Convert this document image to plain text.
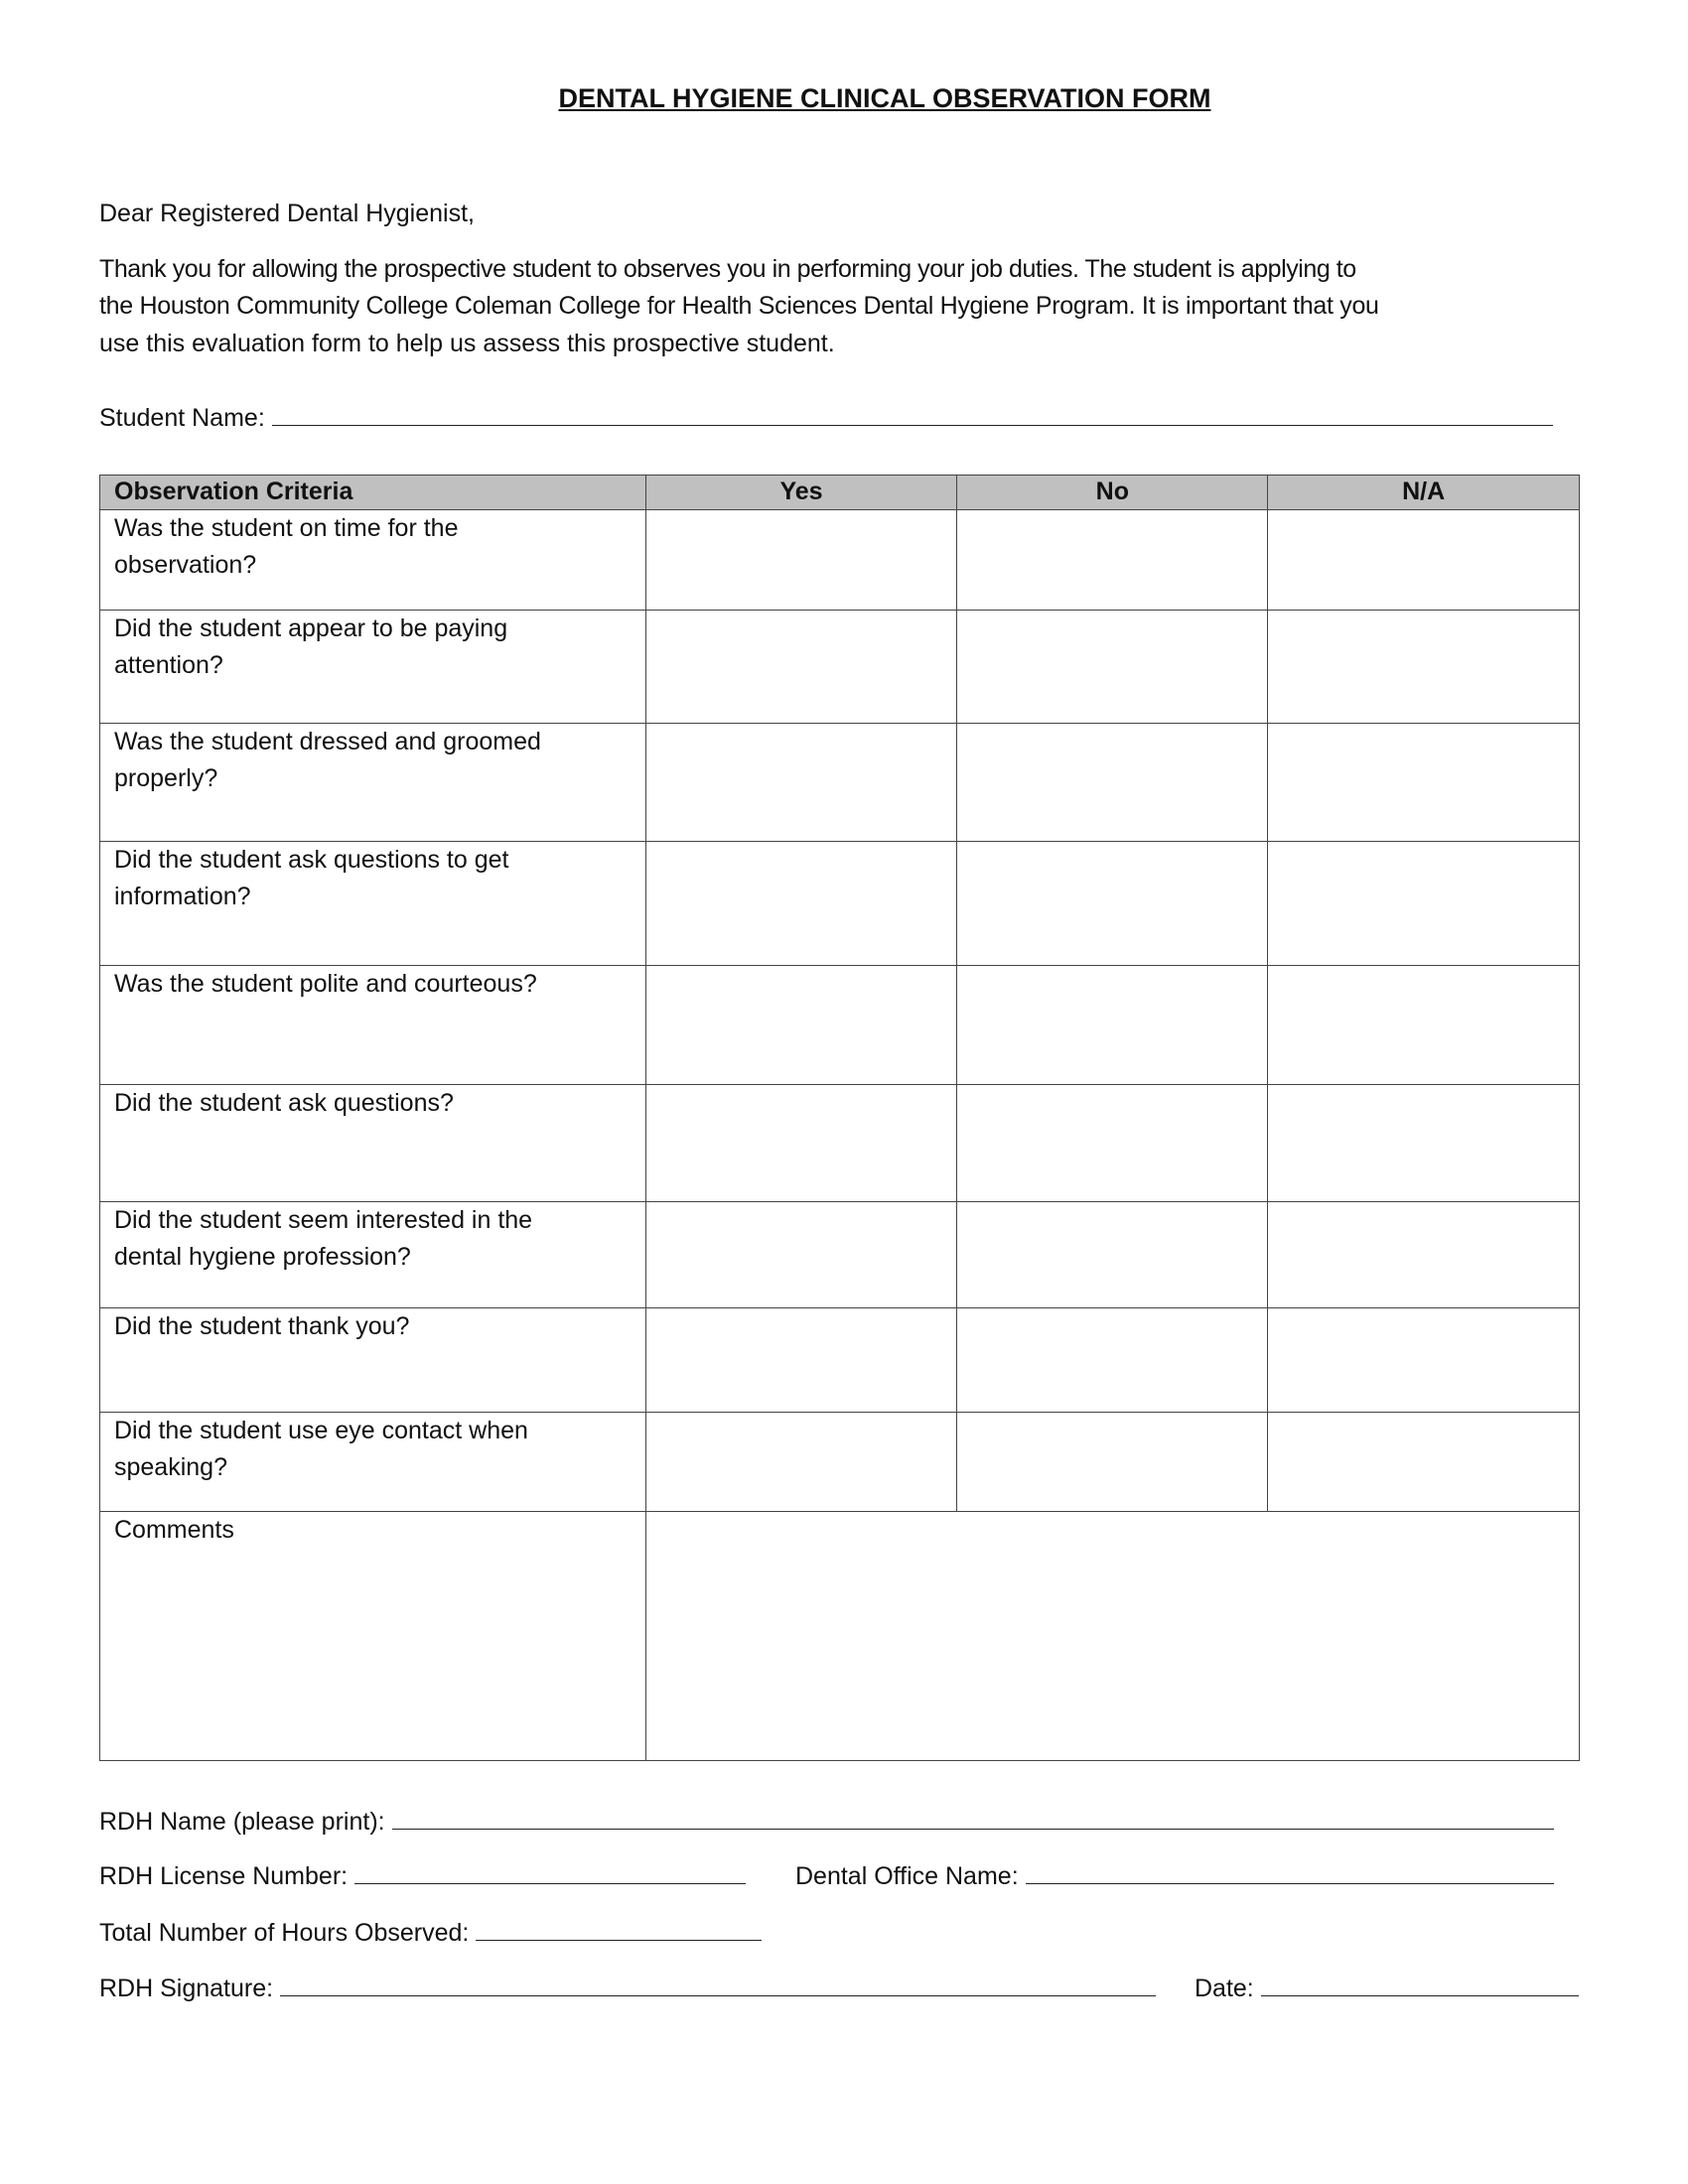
DENTAL HYGIENE CLINICAL OBSERVATION FORM
Dear Registered Dental Hygienist,
Thank you for allowing the prospective student to observes you in performing your job duties. The student is applying to
the Houston Community College Coleman College for Health Sciences Dental Hygiene Program. It is important that you
use this evaluation form to help us assess this prospective student.
Student Name:
Observation Criteria	Yes	No	N/A

Was the student on time for the
observation?			

Did the student appear to be paying
attention?			

Was the student dressed and groomed
properly?			

Did the student ask questions to get
information?			

Was the student polite and courteous?			

Did the student ask questions?			

Did the student seem interested in the
dental hygiene profession?			

Did the student thank you?			

Did the student use eye contact when
speaking?			

Comments			

RDH Name (please print):
RDH License Number:	Dental Office Name:
Total Number of Hours Observed:
RDH Signature:	Date:
